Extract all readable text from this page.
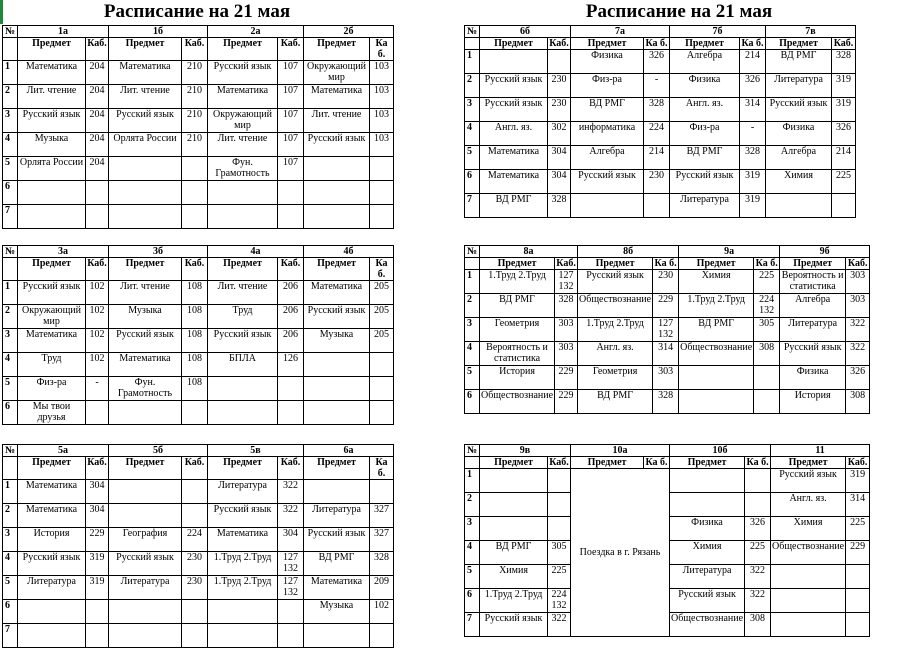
Расписание на 21 мая	Расписание на 21 мая
№	1а		1б		2а		2б	
	Предмет	Каб.	Предмет	Каб.	Предмет	Каб.	Предмет	Ка б.
1	Математика	204	Математика	210	Русский язык	107	Окружающий мир	103
2	Лит. чтение	204	Лит. чтение	210	Математика	107	Математика	103
3	Русский язык	204	Русский язык	210	Окружающий мир	107	Лит. чтение	103
4	Музыка	204	Орлята России	210	Лит. чтение	107	Русский язык	103
5	Орлята России	204			Фун. Грамотность	107		
6								
7								
№	6б		7а		7б		7в	
	Предмет	Каб.	Предмет	Ка б.	Предмет	Ка б.	Предмет	Каб.
1			Физика	326	Алгебра	214	ВД РМГ	328
2	Русский язык	230	Физ-ра	-	Физика	326	Литература	319
3	Русский язык	230	ВД РМГ	328	Англ. яз.	314	Русский язык	319
4	Англ. яз.	302	информатика	224	Физ-ра	-	Физика	326
5	Математика	304	Алгебра	214	ВД РМГ	328	Алгебра	214
6	Математика	304	Русский язык	230	Русский язык	319	Химия	225
7	ВД РМГ	328			Литература	319		
№	3а		3б		4а		4б	
	Предмет	Каб.	Предмет	Каб.	Предмет	Каб.	Предмет	Ка б.
1	Русский язык	102	Лит. чтение	108	Лит. чтение	206	Математика	205
2	Окружающий мир	102	Музыка	108	Труд	206	Русский язык	205
3	Математика	102	Русский язык	108	Русский язык	206	Музыка	205
4	Труд	102	Математика	108	БПЛА	126		
5	Физ-ра	-	Фун. Грамотность	108				
6	Мы твои друзья							
№	8а		8б		9а		9б	
	Предмет	Каб.	Предмет	Ка б.	Предмет	Ка б.	Предмет	Каб.
1	1.Труд 2.Труд	127 132	Русский язык	230	Химия	225	Вероятность и статистика	303
2	ВД РМГ	328	Обществознание	229	1.Труд 2.Труд	224 132	Алгебра	303
3	Геометрия	303	1.Труд 2.Труд	127 132	ВД РМГ	305	Литература	322
4	Вероятность и статистика	303	Англ. яз.	314	Обществознание	308	Русский язык	322
5	История	229	Геометрия	303			Физика	326
6	Обществознание	229	ВД РМГ	328			История	308
№	5а		5б		5в		6а	
	Предмет	Каб.	Предмет	Каб.	Предмет	Каб.	Предмет	Ка б.
1	Математика	304			Литература	322		
2	Математика	304			Русский язык	322	Литература	327
3	История	229	География	224	Математика	304	Русский язык	327
4	Русский язык	319	Русский язык	230	1.Труд 2.Труд	127 132	ВД РМГ	328
5	Литература	319	Литература	230	1.Труд 2.Труд	127 132	Математика	209
6							Музыка	102
7								
№	9в		10а		10б		11	
	Предмет	Каб.	Предмет	Ка б.	Предмет	Ка б.	Предмет	Каб.
1			Поездка в г. Рязань				Русский язык	319
2							Англ. яз.	314
3					Физика	326	Химия	225
4	ВД РМГ	305			Химия	225	Обществознание	229
5	Химия	225			Литература	322		
6	1.Труд 2.Труд	224 132			Русский язык	322		
7	Русский язык	322			Обществознание	308		
